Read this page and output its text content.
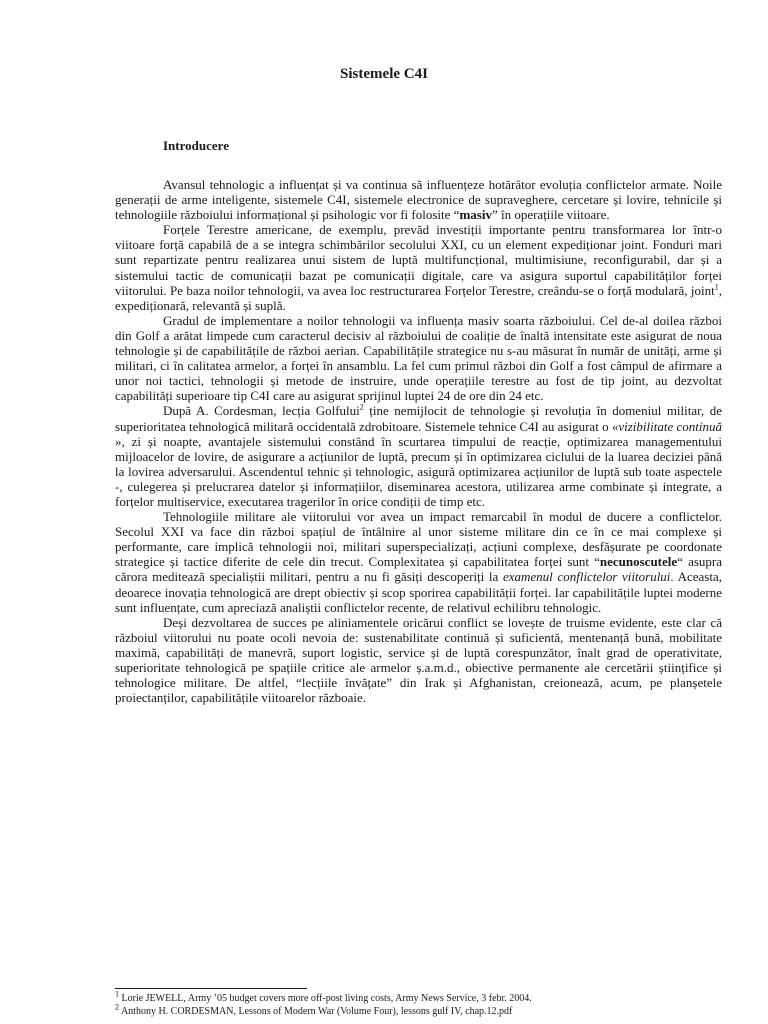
Sistemele C4I
Introducere

Avansul tehnologic a influențat și va continua să influențeze hotărâtor evoluția conflictelor armate. Noile generații de arme inteligente, sistemele C4I, sistemele electronice de supraveghere, cercetare și lovire, tehnicile și tehnologiile războiului informațional și psihologic vor fi folosite “masiv” în operațiile viitoare.

Forțele Terestre americane, de exemplu, prevăd investiții importante pentru transformarea lor într-o viitoare forță capabilă de a se integra schimbărilor secolului XXI, cu un element expediționar joint. Fonduri mari sunt repartizate pentru realizarea unui sistem de luptă multifuncțional, multimisiune, reconfigurabil, dar și a sistemului tactic de comunicații bazat pe comunicații digitale, care va asigura suportul capabilităților forței viitorului. Pe baza noilor tehnologii, va avea loc restructurarea Forțelor Terestre, creându-se o forță modulară, joint$^1$, expediționară, relevantă și suplă.

Gradul de implementare a noilor tehnologii va influența masiv soarta războiului. Cel de-al doilea război din Golf a arătat limpede cum caracterul decisiv al războiului de coaliție de înaltă intensitate este asigurat de noua tehnologie și de capabilitățile de război aerian. Capabilitățile strategice nu s-au măsurat în număr de unități, arme și militari, ci în calitatea armelor, a forței în ansamblu. La fel cum primul război din Golf a fost câmpul de afirmare a unor noi tactici, tehnologii și metode de instruire, unde operațiile terestre au fost de tip joint, au dezvoltat capabilități superioare tip C4I care au asigurat sprijinul luptei 24 de ore din 24 etc.

După A. Cordesman, lecția Golfului$^2$ ține nemijlocit de tehnologie și revoluția în domeniul militar, de superioritatea tehnologică militară occidentală zdrobitoare. Sistemele tehnice C4I au asigurat o «vizibilitate continuă », zi și noapte, avantajele sistemului constând în scurtarea timpului de reacție, optimizarea managementului mijloacelor de lovire, de asigurare a acțiunilor de luptă, precum și în optimizarea ciclului de la luarea deciziei până la lovirea adversarului. Ascendentul tehnic și tehnologic, asigură optimizarea acțiunilor de luptă sub toate aspectele -, culegerea și prelucrarea datelor și informațiilor, diseminarea acestora, utilizarea arme combinate și integrate, a forțelor multiservice, executarea tragerilor în orice condiții de timp etc.

Tehnologiile militare ale viitorului vor avea un impact remarcabil în modul de ducere a conflictelor. Secolul XXI va face din război spațiul de întâlnire al unor sisteme militare din ce în ce mai complexe și performante, care implică tehnologii noi, militari superspecializați, acțiuni complexe, desfășurate pe coordonate strategice și tactice diferite de cele din trecut. Complexitatea și capabilitatea forței sunt “necunoscutele“ asupra cărora meditează specialiștii militari, pentru a nu fi găsiți descoperiți la examenul conflictelor viitorului. Aceasta, deoarece inovația tehnologică are drept obiectiv și scop sporirea capabilității forței. Iar capabilitățile luptei moderne sunt influențate, cum apreciază analiștii conflictelor recente, de relativul echilibru tehnologic.

Deși dezvoltarea de succes pe aliniamentele oricărui conflict se lovește de truisme evidente, este clar că războiul viitorului nu poate ocoli nevoia de: sustenabilitate continuă și suficientă, mentenanță bună, mobilitate maximă, capabilități de manevră, suport logistic, service și de luptă corespunzător, înalt grad de operativitate, superioritate tehnologică pe spațiile critice ale armelor ș.a.m.d., obiective permanente ale cercetării științifice și tehnologice militare. De altfel, “lecțiile învățate” din Irak și Afghanistan, creionează, acum, pe planșetele proiectanților, capabilitățile viitoarelor războaie.

$^1$ Lorie JEWELL, Army ’05 budget covers more off-post living costs, Army News Service, 3 febr. 2004.
$^2$ Anthony H. CORDESMAN, Lessons of Modern War (Volume Four), lessons gulf IV, chap.12.pdf
